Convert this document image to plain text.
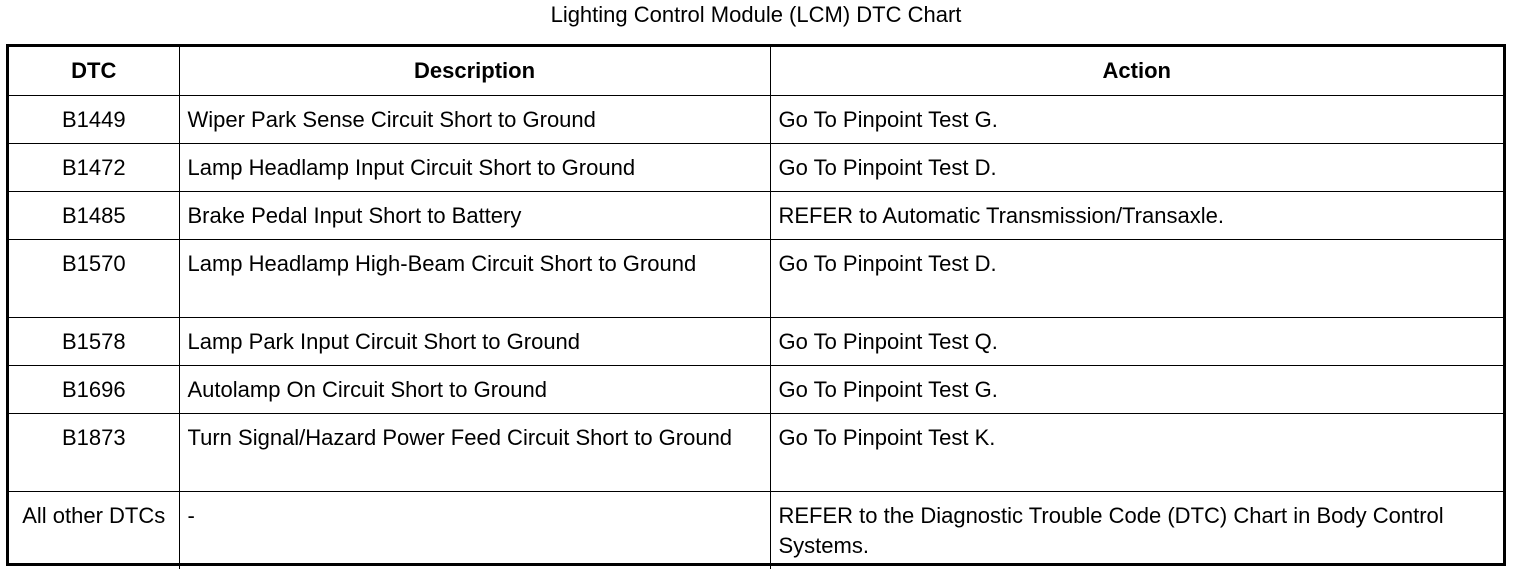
Lighting Control Module (LCM) DTC Chart
DTC	Description	Action
B1449	Wiper Park Sense Circuit Short to Ground	Go To Pinpoint Test G.
B1472	Lamp Headlamp Input Circuit Short to Ground	Go To Pinpoint Test D.
B1485	Brake Pedal Input Short to Battery	REFER to Automatic Transmission/Transaxle.
B1570	Lamp Headlamp High-Beam Circuit Short to Ground	Go To Pinpoint Test D.
B1578	Lamp Park Input Circuit Short to Ground	Go To Pinpoint Test Q.
B1696	Autolamp On Circuit Short to Ground	Go To Pinpoint Test G.
B1873	Turn Signal/Hazard Power Feed Circuit Short to Ground	Go To Pinpoint Test K.
All other DTCs	-	REFER to the Diagnostic Trouble Code (DTC) Chart in Body Control Systems.
